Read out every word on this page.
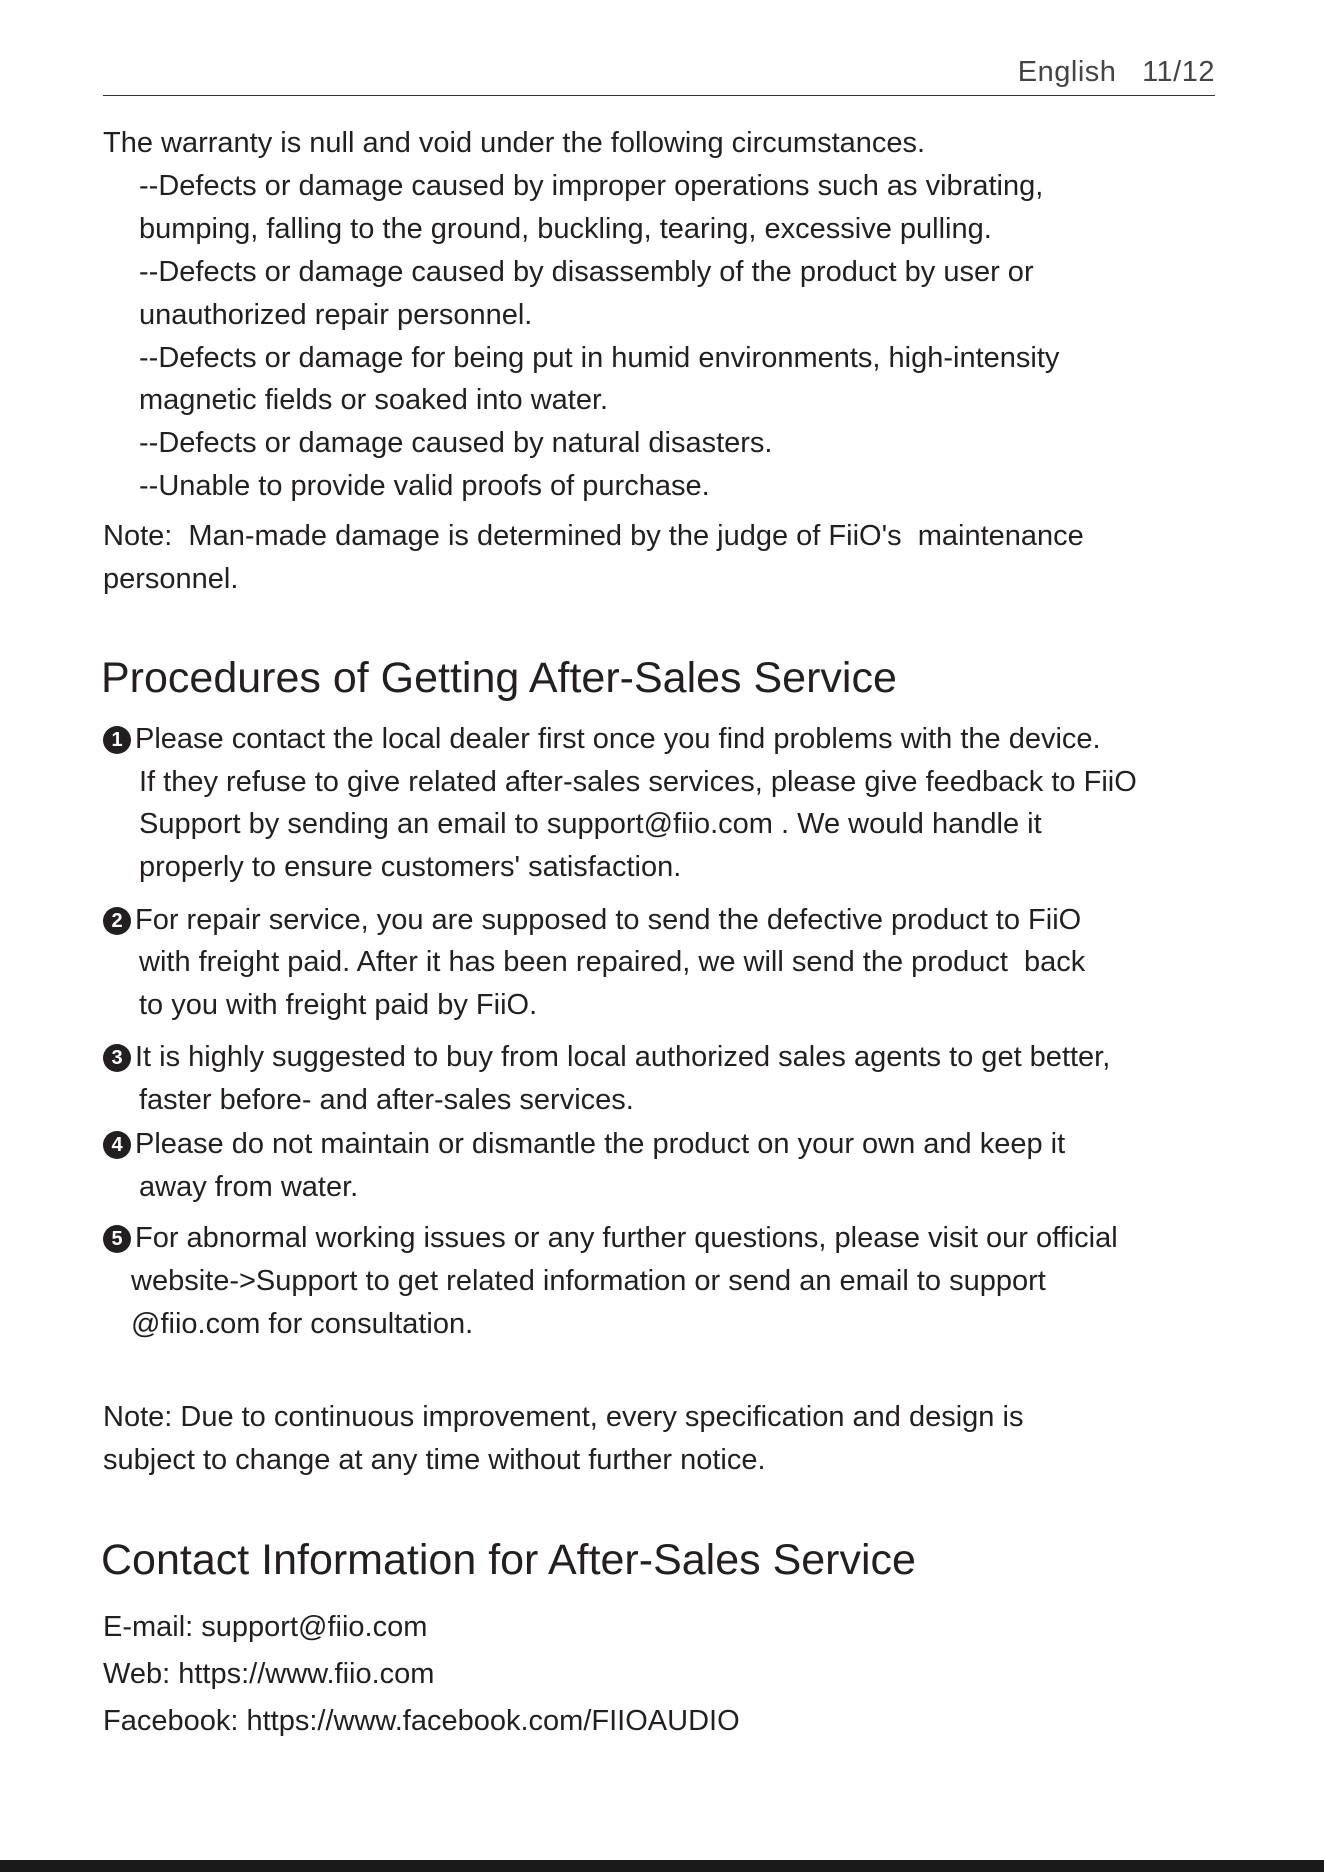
English 11/12
The warranty is null and void under the following circumstances.
--Defects or damage caused by improper operations such as vibrating,
bumping, falling to the ground, buckling, tearing, excessive pulling.
--Defects or damage caused by disassembly of the product by user or
unauthorized repair personnel.
--Defects or damage for being put in humid environments, high-intensity
magnetic fields or soaked into water.
--Defects or damage caused by natural disasters.
--Unable to provide valid proofs of purchase.
Note:  Man-made damage is determined by the judge of FiiO's  maintenance
personnel.
Procedures of Getting After-Sales Service
1 Please contact the local dealer first once you find problems with the device.
If they refuse to give related after-sales services, please give feedback to FiiO
Support by sending an email to support@fiio.com . We would handle it
properly to ensure customers' satisfaction.
2 For repair service, you are supposed to send the defective product to FiiO
with freight paid. After it has been repaired, we will send the product  back
to you with freight paid by FiiO.
3 It is highly suggested to buy from local authorized sales agents to get better,
faster before- and after-sales services.
4 Please do not maintain or dismantle the product on your own and keep it
away from water.
5 For abnormal working issues or any further questions, please visit our official
website->Support to get related information or send an email to support
@fiio.com for consultation.
Note: Due to continuous improvement, every specification and design is
subject to change at any time without further notice.
Contact Information for After-Sales Service
E-mail: support@fiio.com
Web: https://www.fiio.com
Facebook: https://www.facebook.com/FIIOAUDIO
